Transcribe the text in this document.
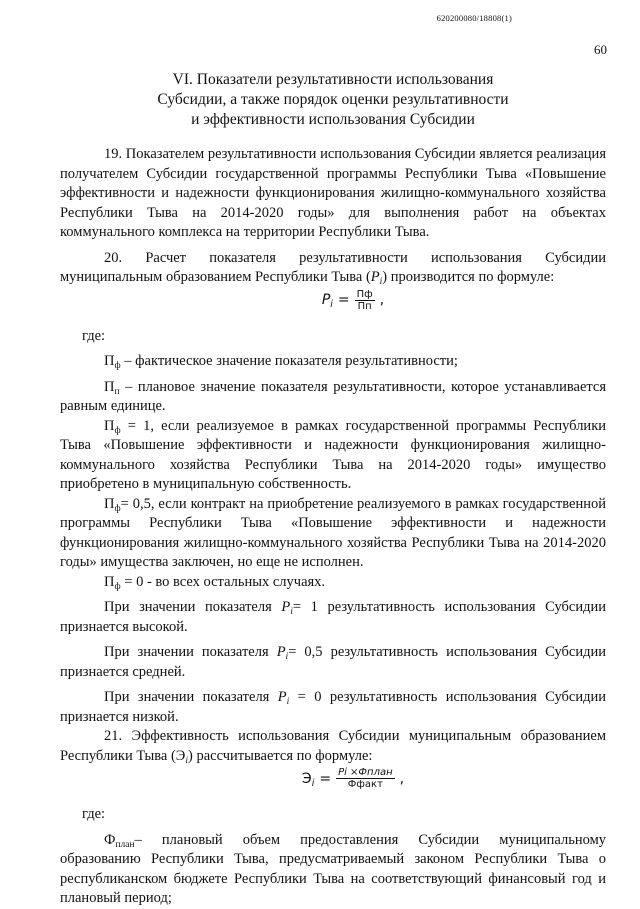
620200080/18808(1)
60
VI. Показатели результативности использования
Субсидии, а также порядок оценки результативности
и эффективности использования Субсидии

19. Показателем результативности использования Субсидии является реализация получателем Субсидии государственной программы Республики Тыва «Повышение эффективности и надежности функционирования жилищно-коммунального хозяйства Республики Тыва на 2014-2020 годы» для выполнения работ на объектах коммунального комплекса на территории Республики Тыва.

20. Расчет показателя результативности использования Субсидии муниципальным образованием Республики Тыва $(P_i)$ производится по формуле:

$P_i = \frac{Пф}{Пп}$ ,

где:

$П_ф$ – фактическое значение показателя результативности;

$П_п$ – плановое значение показателя результативности, которое устанавливается равным единице.

$П_ф = 1$, если реализуемое в рамках государственной программы Республики Тыва «Повышение эффективности и надежности функционирования жилищно-коммунального хозяйства Республики Тыва на 2014-2020 годы» имущество приобретено в муниципальную собственность.

$П_ф= 0,5$, если контракт на приобретение реализуемого в рамках государственной программы Республики Тыва «Повышение эффективности и надежности функционирования жилищно-коммунального хозяйства Республики Тыва на 2014-2020 годы» имущества заключен, но еще не исполнен.

$П_ф = 0$ - во всех остальных случаях.

При значении показателя $P_i= 1$ результативность использования Субсидии признается высокой.

При значении показателя $P_i= 0,5$ результативность использования Субсидии признается средней.

При значении показателя $P_i = 0$ результативность использования Субсидии признается низкой.

21. Эффективность использования Субсидии муниципальным образованием Республики Тыва $(Э_i)$ рассчитывается по формуле:

$Э_i = \frac{\text{Pi ×Фплан}}{\text{Ффакт}}$ ,

где:

$Ф_{план}-$ плановый объем предоставления Субсидии муниципальному образованию Республики Тыва, предусматриваемый законом Республики Тыва о республиканском бюджете Республики Тыва на соответствующий финансовый год и плановый период;
